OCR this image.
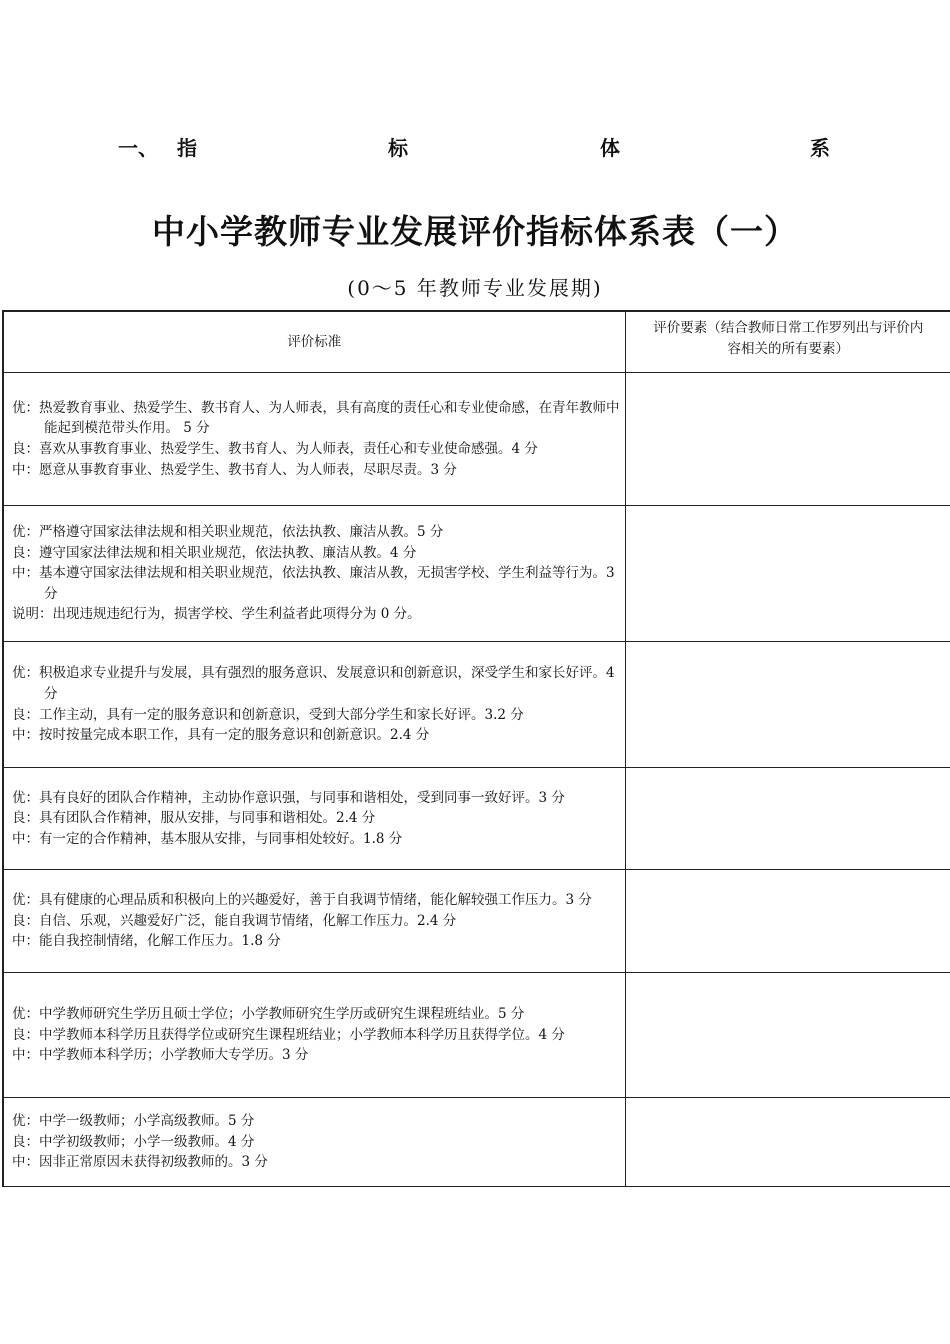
一、 指	标	体	系
中小学教师专业发展评价指标体系表（一）
(0～5 年教师专业发展期)
评价标准	评价要素（结合教师日常工作罗列出与评价内
容相关的所有要素）

优：热爱教育事业、热爱学生、教书育人、为人师表，具有高度的责任心和专业使命感，在青年教师中能起到模范带头作用。 5 分
良：喜欢从事教育事业、热爱学生、教书育人、为人师表，责任心和专业使命感强。4 分
中：愿意从事教育事业、热爱学生、教书育人、为人师表，尽职尽责。3 分	

优：严格遵守国家法律法规和相关职业规范，依法执教、廉洁从教。5 分
良：遵守国家法律法规和相关职业规范，依法执教、廉洁从教。4 分
中：基本遵守国家法律法规和相关职业规范，依法执教、廉洁从教，无损害学校、学生利益等行为。3 分
说明：出现违规违纪行为，损害学校、学生利益者此项得分为 0 分。	

优：积极追求专业提升与发展，具有强烈的服务意识、发展意识和创新意识，深受学生和家长好评。4 分
良：工作主动，具有一定的服务意识和创新意识，受到大部分学生和家长好评。3.2 分
中：按时按量完成本职工作，具有一定的服务意识和创新意识。2.4 分	

优：具有良好的团队合作精神，主动协作意识强，与同事和谐相处，受到同事一致好评。3 分
良：具有团队合作精神，服从安排，与同事和谐相处。2.4 分
中：有一定的合作精神，基本服从安排，与同事相处较好。1.8 分	

优：具有健康的心理品质和积极向上的兴趣爱好，善于自我调节情绪，能化解较强工作压力。3 分
良：自信、乐观，兴趣爱好广泛，能自我调节情绪，化解工作压力。2.4 分
中：能自我控制情绪，化解工作压力。1.8 分	

优：中学教师研究生学历且硕士学位；小学教师研究生学历或研究生课程班结业。5 分
良：中学教师本科学历且获得学位或研究生课程班结业；小学教师本科学历且获得学位。4 分
中：中学教师本科学历；小学教师大专学历。3 分	

优：中学一级教师；小学高级教师。5 分
良：中学初级教师；小学一级教师。4 分
中：因非正常原因未获得初级教师的。3 分	
